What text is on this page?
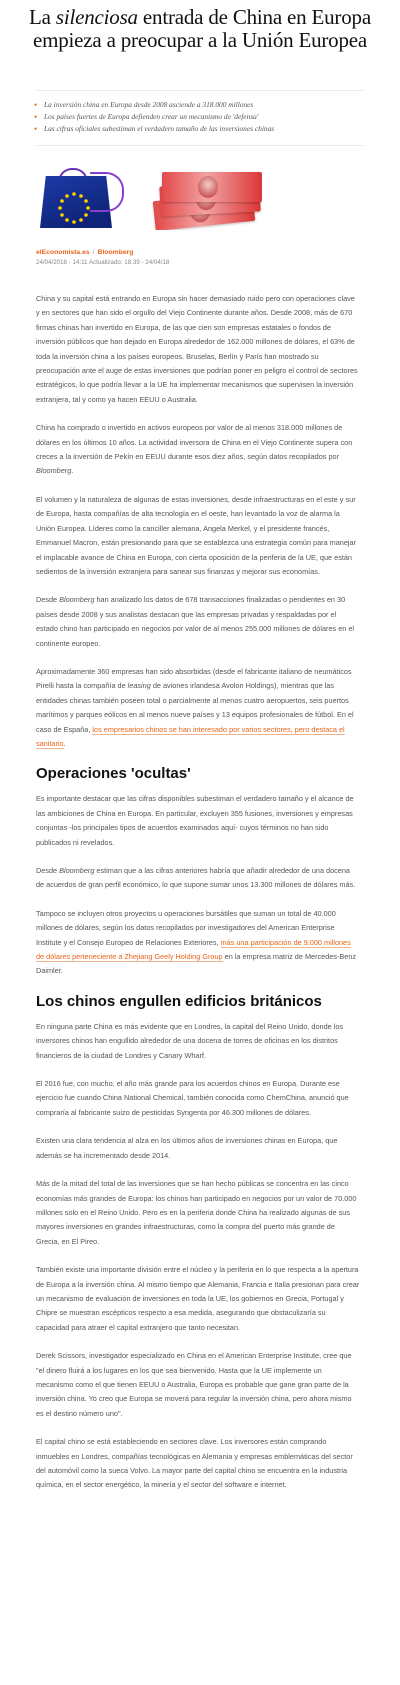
La silenciosa entrada de China en Europa empieza a preocupar a la Unión Europea
• La inversión china en Europa desde 2008 asciende a 318.000 millones
• Los países fuertes de Europa defienden crear un mecanismo de 'defensa'
• Las cifras oficiales subestiman el verdadero tamaño de las inversiones chinas
elEconomista.es / Bloomberg
24/04/2018 - 14:11 Actualizado: 18:39 - 24/04/18

China y su capital está entrando en Europa sin hacer demasiado ruido pero con operaciones clave y en sectores que han sido el orgullo del Viejo Continente durante años. Desde 2008, más de 670 firmas chinas han invertido en Europa, de las que cien son empresas estatales o fondos de inversión públicos que han dejado en Europa alrededor de 162.000 millones de dólares, el 63% de toda la inversión china a los países europeos. Bruselas, Berlín y París han mostrado su preocupación ante el auge de estas inversiones que podrían poner en peligro el control de sectores estratégicos, lo que podría llevar a la UE ha implementar mecanismos que supervisen la inversión extranjera, tal y como ya hacen EEUU o Australia.

China ha comprado o invertido en activos europeos por valor de al menos 318.000 millones de dólares en los últimos 10 años. La actividad inversora de China en el Viejo Continente supera con creces a la inversión de Pekín en EEUU durante esos diez años, según datos recopilados por Bloomberg.

El volumen y la naturaleza de algunas de estas inversiones, desde infraestructuras en el este y sur de Europa, hasta compañías de alta tecnología en el oeste, han levantado la voz de alarma la Unión Europea. Líderes como la canciller alemana, Angela Merkel, y el presidente francés, Emmanuel Macron, están presionando para que se establezca una estrategia común para manejar el implacable avance de China en Europa, con cierta oposición de la periferia de la UE, que están sedientos de la inversión extranjera para sanear sus finanzas y mejorar sus economías.

Desde Bloomberg han analizado los datos de 678 transacciones finalizadas o pendientes en 30 países desde 2008 y sus analistas destacan que las empresas privadas y respaldadas por el estado chino han participado en negocios por valor de al menos 255.000 millones de dólares en el continente europeo.

Aproximadamente 360 empresas han sido absorbidas (desde el fabricante italiano de neumáticos Pirelli hasta la compañía de leasing de aviones irlandesa Avolon Holdings), mientras que las entidades chinas también poseen total o parcialmente al menos cuatro aeropuertos, seis puertos marítimos y parques eólicos en al menos nueve países y 13 equipos profesionales de fútbol. En el caso de España, los empresarios chinos se han interesado por varios sectores, pero destaca el sanitario.

Operaciones 'ocultas'

Es importante destacar que las cifras disponibles subestiman el verdadero tamaño y el alcance de las ambiciones de China en Europa. En particular, excluyen 355 fusiones, inversiones y empresas conjuntas -los principales tipos de acuerdos examinados aquí- cuyos términos no han sido publicados ni revelados.

Desde Bloomberg estiman que a las cifras anteriores habría que añadir alrededor de una docena de acuerdos de gran perfil económico, lo que supone sumar unos 13.300 millones de dólares más.

Tampoco se incluyen otros proyectos u operaciones bursátiles que suman un total de 40.000 millones de dólares, según los datos recopilados por investigadores del American Enterprise Institute y el Consejo Europeo de Relaciones Exteriores, más una participación de 9.000 millones de dólares perteneciente a Zhejiang Geely Holding Group en la empresa matriz de Mercedes-Benz Daimler.

Los chinos engullen edificios británicos

En ninguna parte China es más evidente que en Londres, la capital del Reino Unido, donde los inversores chinos han engullido alrededor de una docena de torres de oficinas en los distritos financieros de la ciudad de Londres y Canary Wharf.

El 2016 fue, con mucho, el año más grande para los acuerdos chinos en Europa. Durante ese ejercicio fue cuando China National Chemical, también conocida como ChemChina, anunció que compraría al fabricante suizo de pesticidas Syngenta por 46.300 millones de dólares.

Existen una clara tendencia al alza en los últimos años de inversiones chinas en Europa, que además se ha incrementado desde 2014.

Más de la mitad del total de las inversiones que se han hecho públicas se concentra en las cinco economías más grandes de Europa: los chinos han participado en negocios por un valor de 70.000 millones solo en el Reino Unido. Pero es en la periferia donde China ha realizado algunas de sus mayores inversiones en grandes infraestructuras, como la compra del puerto más grande de Grecia, en El Pireo.

También existe una importante división entre el núcleo y la periferia en lo que respecta a la apertura de Europa a la inversión china. Al mismo tiempo que Alemania, Francia e Italia presionan para crear un mecanismo de evaluación de inversiones en toda la UE, los gobiernos en Grecia, Portugal y Chipre se muestran escépticos respecto a esa medida, asegurando que obstaculizaría su capacidad para atraer el capital extranjero que tanto necesitan.

Derek Scissors, investigador especializado en China en el American Enterprise Institute, cree que "el dinero fluirá a los lugares en los que sea bienvenido. Hasta que la UE implemente un mecanismo como el que tienen EEUU o Australia, Europa es probable que gane gran parte de la inversión china. Yo creo que Europa se moverá para regular la inversión china, pero ahora mismo es el destino número uno".

El capital chino se está estableciendo en sectores clave. Los inversores están comprando inmuebles en Londres, compañías tecnológicas en Alemania y empresas emblemáticas del sector del automóvil como la sueca Volvo. La mayor parte del capital chino se encuentra en la industria química, en el sector energético, la minería y el sector del software e internet.
